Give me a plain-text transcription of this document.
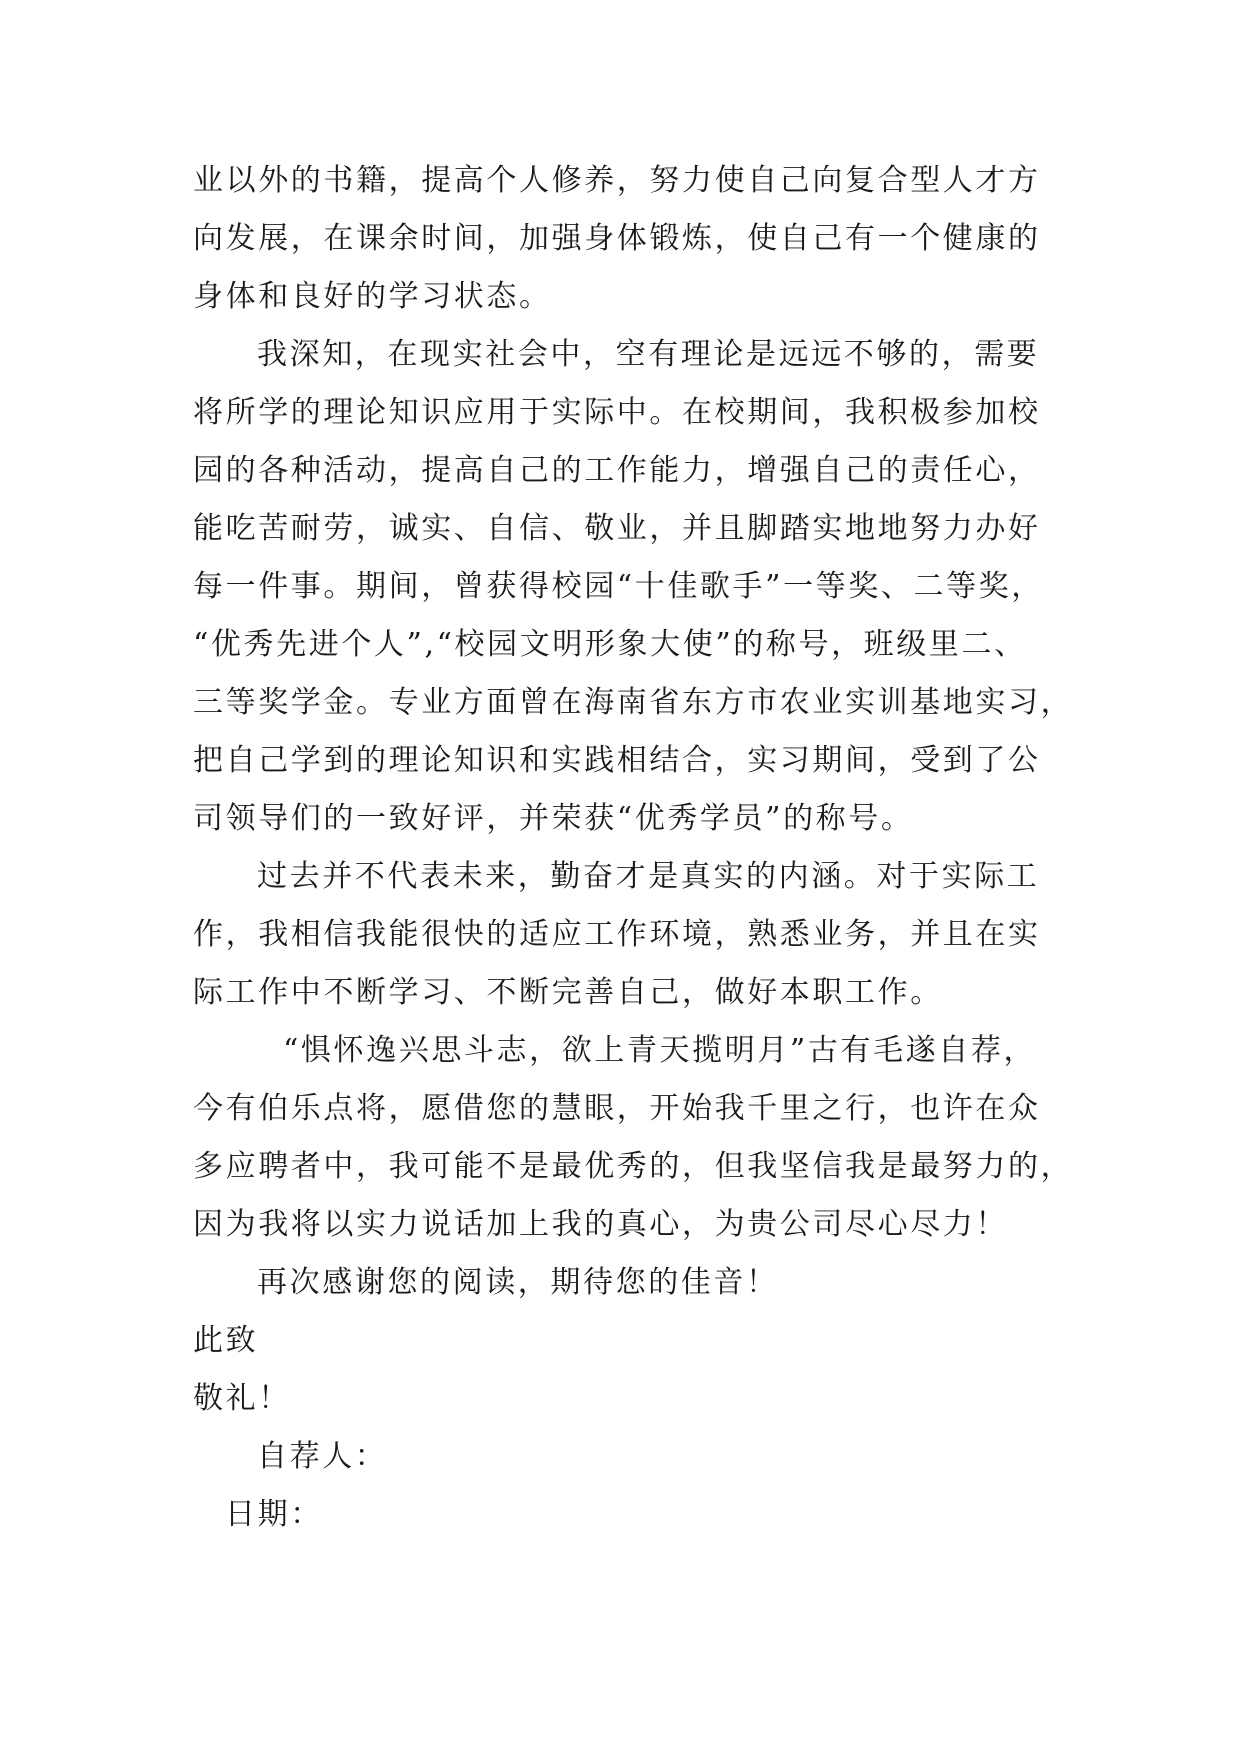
业以外的书籍，提高个人修养，努力使自己向复合型人才方
向发展，在课余时间，加强身体锻炼，使自己有一个健康的
身体和良好的学习状态。
我深知，在现实社会中，空有理论是远远不够的，需要
将所学的理论知识应用于实际中。在校期间，我积极参加校
园的各种活动，提高自己的工作能力，增强自己的责任心，
能吃苦耐劳，诚实、自信、敬业，并且脚踏实地地努力办好
每一件事。期间，曾获得校园“十佳歌手”一等奖、二等奖，
“优秀先进个人”,“校园文明形象大使”的称号，班级里二、
三等奖学金。专业方面曾在海南省东方市农业实训基地实习，
把自己学到的理论知识和实践相结合，实习期间，受到了公
司领导们的一致好评，并荣获“优秀学员”的称号。
过去并不代表未来，勤奋才是真实的内涵。对于实际工
作，我相信我能很快的适应工作环境，熟悉业务，并且在实
际工作中不断学习、不断完善自己，做好本职工作。
“惧怀逸兴思斗志，欲上青天揽明月”古有毛遂自荐，
今有伯乐点将，愿借您的慧眼，开始我千里之行，也许在众
多应聘者中，我可能不是最优秀的，但我坚信我是最努力的，
因为我将以实力说话加上我的真心，为贵公司尽心尽力！
再次感谢您的阅读，期待您的佳音！
此致
敬礼！
自荐人：
日期：
